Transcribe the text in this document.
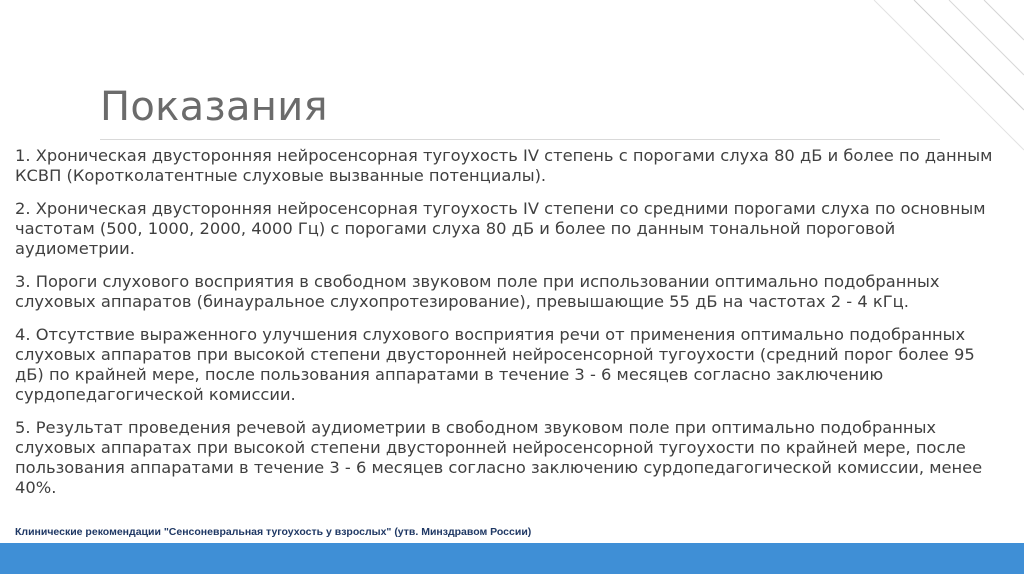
Показания

1. Хроническая двусторонняя нейросенсорная тугоухость IV степень с порогами слуха 80 дБ и более по данным КСВП (Коротколатентные слуховые вызванные потенциалы).

2. Хроническая двусторонняя нейросенсорная тугоухость IV степени со средними порогами слуха по основным частотам (500, 1000, 2000, 4000 Гц) с порогами слуха 80 дБ и более по данным тональной пороговой аудиометрии.

3. Пороги слухового восприятия в свободном звуковом поле при использовании оптимально подобранных слуховых аппаратов (бинауральное слухопротезирование), превышающие 55 дБ на частотах 2 - 4 кГц.

4. Отсутствие выраженного улучшения слухового восприятия речи от применения оптимально подобранных слуховых аппаратов при высокой степени двусторонней нейросенсорной тугоухости (средний порог более 95 дБ) по крайней мере, после пользования аппаратами в течение 3 - 6 месяцев согласно заключению сурдопедагогической комиссии.

5. Результат проведения речевой аудиометрии в свободном звуковом поле при оптимально подобранных слуховых аппаратах при высокой степени двусторонней нейросенсорной тугоухости по крайней мере, после пользования аппаратами в течение 3 - 6 месяцев согласно заключению сурдопедагогической комиссии, менее 40%.

Клинические рекомендации "Сенсоневральная тугоухость у взрослых" (утв. Минздравом России)
